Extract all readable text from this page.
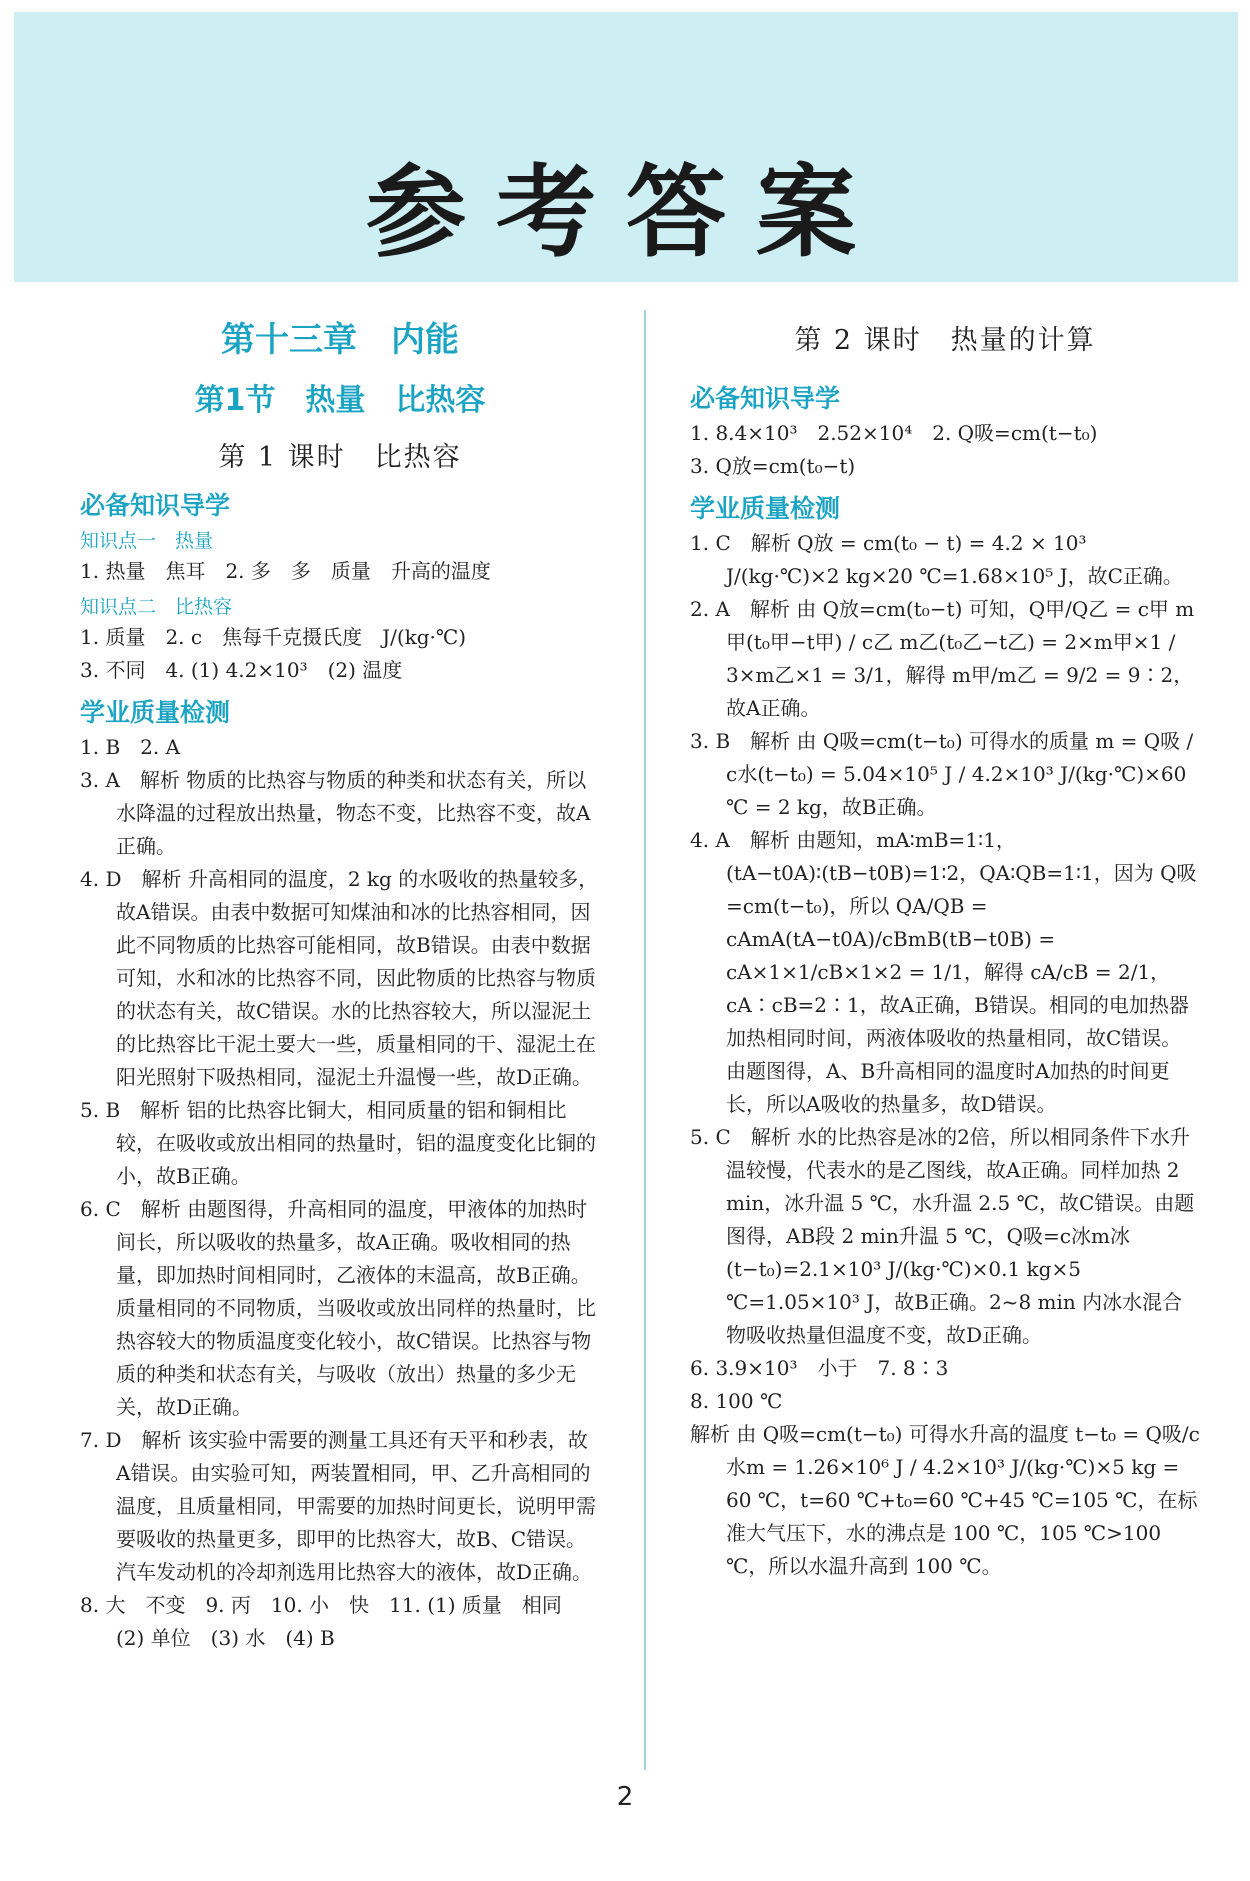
参考答案
第十三章　内能
第1节　热量　比热容
第 1 课时　比热容
必备知识导学
知识点一　热量
1. 热量　焦耳　2. 多　多　质量　升高的温度
知识点二　比热容
1. 质量　2. c　焦每千克摄氏度　J/(kg·℃)
3. 不同　4. (1) 4.2×10³　(2) 温度
学业质量检测
1. B　2. A
3. A　解析 物质的比热容与物质的种类和状态有关，所以水降温的过程放出热量，物态不变，比热容不变，故A正确。
4. D　解析 升高相同的温度，2 kg 的水吸收的热量较多，故A错误。由表中数据可知煤油和冰的比热容相同，因此不同物质的比热容可能相同，故B错误。由表中数据可知，水和冰的比热容不同，因此物质的比热容与物质的状态有关，故C错误。水的比热容较大，所以湿泥土的比热容比干泥土要大一些，质量相同的干、湿泥土在阳光照射下吸热相同，湿泥土升温慢一些，故D正确。
5. B　解析 铝的比热容比铜大，相同质量的铝和铜相比较，在吸收或放出相同的热量时，铝的温度变化比铜的小，故B正确。
6. C　解析 由题图得，升高相同的温度，甲液体的加热时间长，所以吸收的热量多，故A正确。吸收相同的热量，即加热时间相同时，乙液体的末温高，故B正确。质量相同的不同物质，当吸收或放出同样的热量时，比热容较大的物质温度变化较小，故C错误。比热容与物质的种类和状态有关，与吸收（放出）热量的多少无关，故D正确。
7. D　解析 该实验中需要的测量工具还有天平和秒表，故A错误。由实验可知，两装置相同，甲、乙升高相同的温度，且质量相同，甲需要的加热时间更长，说明甲需要吸收的热量更多，即甲的比热容大，故B、C错误。汽车发动机的冷却剂选用比热容大的液体，故D正确。
8. 大　不变　9. 丙　10. 小　快　11. (1) 质量　相同　(2) 单位　(3) 水　(4) B
第 2 课时　热量的计算
必备知识导学
1. 8.4×10³　2.52×10⁴　2. Q吸=cm(t−t₀)
3. Q放=cm(t₀−t)
学业质量检测
1. C　解析 Q放 = cm(t₀ − t) = 4.2 × 10³ J/(kg·℃)×2 kg×20 ℃=1.68×10⁵ J，故C正确。
2. A　解析 由 Q放=cm(t₀−t) 可知，Q甲/Q乙 = c甲 m甲(t₀甲−t甲) / c乙 m乙(t₀乙−t乙) = 2×m甲×1 / 3×m乙×1 = 3/1，解得 m甲/m乙 = 9/2 = 9∶2，故A正确。
3. B　解析 由 Q吸=cm(t−t₀) 可得水的质量 m = Q吸 / c水(t−t₀) = 5.04×10⁵ J / 4.2×10³ J/(kg·℃)×60 ℃ = 2 kg，故B正确。
4. A　解析 由题知，mA∶mB=1∶1，(tA−t0A)∶(tB−t0B)=1∶2，QA∶QB=1∶1，因为 Q吸=cm(t−t₀)，所以 QA/QB = cAmA(tA−t0A)/cBmB(tB−t0B) = cA×1×1/cB×1×2 = 1/1，解得 cA/cB = 2/1，cA∶cB=2∶1，故A正确，B错误。相同的电加热器加热相同时间，两液体吸收的热量相同，故C错误。由题图得，A、B升高相同的温度时A加热的时间更长，所以A吸收的热量多，故D错误。
5. C　解析 水的比热容是冰的2倍，所以相同条件下水升温较慢，代表水的是乙图线，故A正确。同样加热 2 min，冰升温 5 ℃，水升温 2.5 ℃，故C错误。由题图得，AB段 2 min升温 5 ℃，Q吸=c冰m冰(t−t₀)=2.1×10³ J/(kg·℃)×0.1 kg×5 ℃=1.05×10³ J，故B正确。2~8 min 内冰水混合物吸收热量但温度不变，故D正确。
6. 3.9×10³　小于　7. 8∶3
8. 100 ℃
解析 由 Q吸=cm(t−t₀) 可得水升高的温度 t−t₀ = Q吸/c水m = 1.26×10⁶ J / 4.2×10³ J/(kg·℃)×5 kg = 60 ℃，t=60 ℃+t₀=60 ℃+45 ℃=105 ℃，在标准大气压下，水的沸点是 100 ℃，105 ℃>100 ℃，所以水温升高到 100 ℃。
2
